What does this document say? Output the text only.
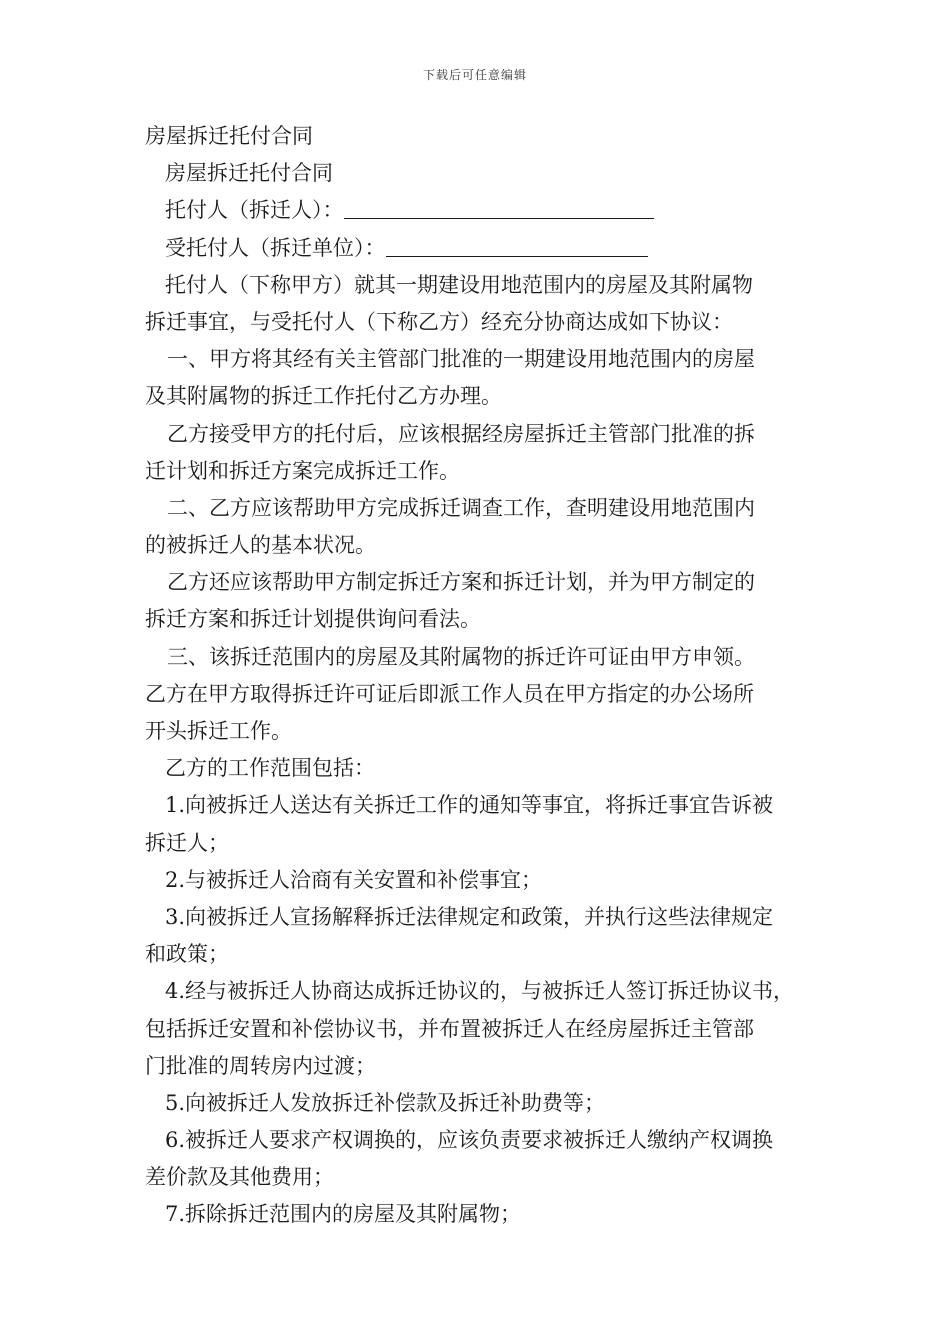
下载后可任意编辑
房屋拆迁托付合同
房屋拆迁托付合同
托付人（拆迁人）：
受托付人（拆迁单位）：
托付人（下称甲方）就其一期建设用地范围内的房屋及其附属物
拆迁事宜，与受托付人（下称乙方）经充分协商达成如下协议：
一、甲方将其经有关主管部门批准的一期建设用地范围内的房屋
及其附属物的拆迁工作托付乙方办理。
乙方接受甲方的托付后，应该根据经房屋拆迁主管部门批准的拆
迁计划和拆迁方案完成拆迁工作。
二、乙方应该帮助甲方完成拆迁调查工作，查明建设用地范围内
的被拆迁人的基本状况。
乙方还应该帮助甲方制定拆迁方案和拆迁计划，并为甲方制定的
拆迁方案和拆迁计划提供询问看法。
三、该拆迁范围内的房屋及其附属物的拆迁许可证由甲方申领。
乙方在甲方取得拆迁许可证后即派工作人员在甲方指定的办公场所
开头拆迁工作。
乙方的工作范围包括：
1.向被拆迁人送达有关拆迁工作的通知等事宜，将拆迁事宜告诉被
拆迁人；
2.与被拆迁人洽商有关安置和补偿事宜；
3.向被拆迁人宣扬解释拆迁法律规定和政策，并执行这些法律规定
和政策；
4.经与被拆迁人协商达成拆迁协议的，与被拆迁人签订拆迁协议书，
包括拆迁安置和补偿协议书，并布置被拆迁人在经房屋拆迁主管部
门批准的周转房内过渡；
5.向被拆迁人发放拆迁补偿款及拆迁补助费等；
6.被拆迁人要求产权调换的，应该负责要求被拆迁人缴纳产权调换
差价款及其他费用；
7.拆除拆迁范围内的房屋及其附属物；
